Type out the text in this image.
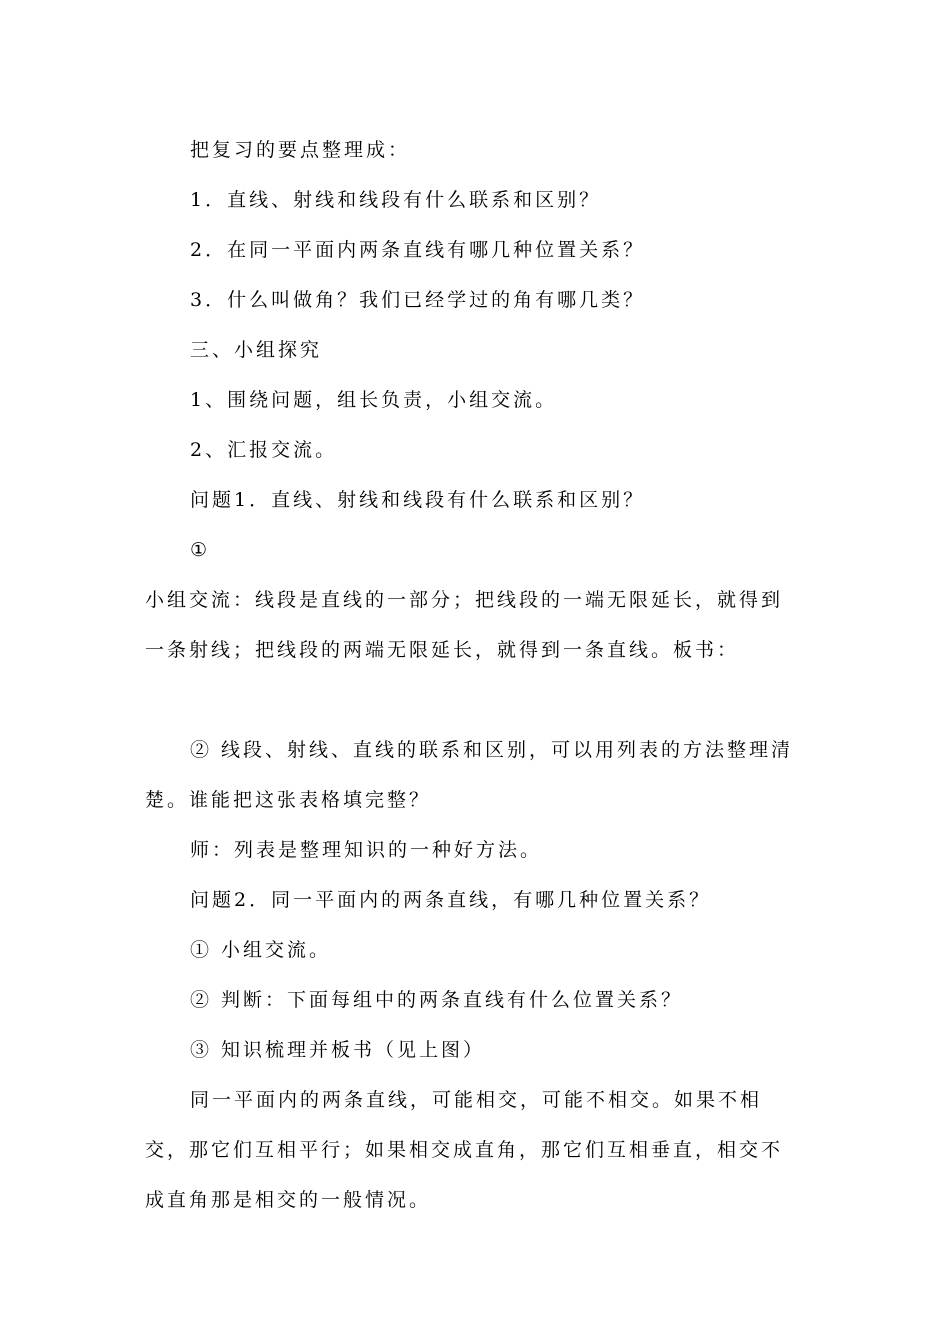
把复习的要点整理成：
1．直线、射线和线段有什么联系和区别？
2．在同一平面内两条直线有哪几种位置关系？
3．什么叫做角？我们已经学过的角有哪几类？
三、小组探究
1、围绕问题，组长负责，小组交流。
2、汇报交流。
问题1．直线、射线和线段有什么联系和区别？
①
小组交流：线段是直线的一部分；把线段的一端无限延长，就得到
一条射线；把线段的两端无限延长，就得到一条直线。板书：
② 线段、射线、直线的联系和区别，可以用列表的方法整理清
楚。谁能把这张表格填完整？
师：列表是整理知识的一种好方法。
问题2．同一平面内的两条直线，有哪几种位置关系？
① 小组交流。
② 判断：下面每组中的两条直线有什么位置关系？
③ 知识梳理并板书（见上图）
同一平面内的两条直线，可能相交，可能不相交。如果不相
交，那它们互相平行；如果相交成直角，那它们互相垂直，相交不
成直角那是相交的一般情况。
